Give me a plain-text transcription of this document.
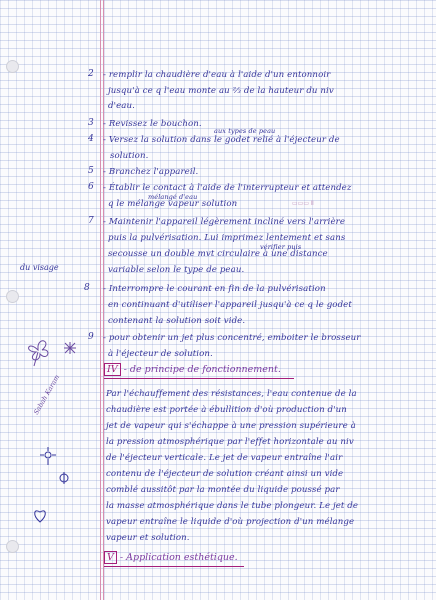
2 - remplir la chaudière d'eau à l'aide d'un entonnoir
jusqu'à ce q l'eau monte au ⅔ de la hauteur du niv
d'eau.
3 - Revissez le bouchon.
aux types de peau
4 - Versez la solution dans le godet relié à l'éjecteur de
solution.
5 - Branchez l'appareil.
6 - Établir le contact à l'aide de l'interrupteur et attendez
mélangé d'eau
q le mélange vapeur solution	▭▭▭ Ⅱ
7 - Maintenir l'appareil légèrement incliné vers l'arrière
puis la pulvérisation. Lui imprimez lentement et sans
vérifier puis
secousse un double mvt circulaire à une distance
variable selon le type de peau.
du visage
8 - Interrompre le courant en fin de la pulvérisation
en continuant d'utiliser l'appareil jusqu'à ce q le godet
contenant la solution soit vide.
9 - pour obtenir un jet plus concentré, emboiter le brosseur
à l'éjecteur de solution.
IV - de principe de fonctionnement.
Par l'échauffement des résistances, l'eau contenue de la
chaudière est portée à ébullition d'où production d'un
jet de vapeur qui s'échappe à une pression supérieure à
la pression atmosphérique par l'effet horizontale au niv
de l'éjecteur verticale. Le jet de vapeur entraîne l'air
contenu de l'éjecteur de solution créant ainsi un vide
comblé aussitôt par la montée du liquide poussé par
la masse atmosphérique dans le tube plongeur. Le jet de
vapeur entraîne le liquide d'où projection d'un mélange
vapeur et solution.
V - Application esthétique.
Sabah Karam
